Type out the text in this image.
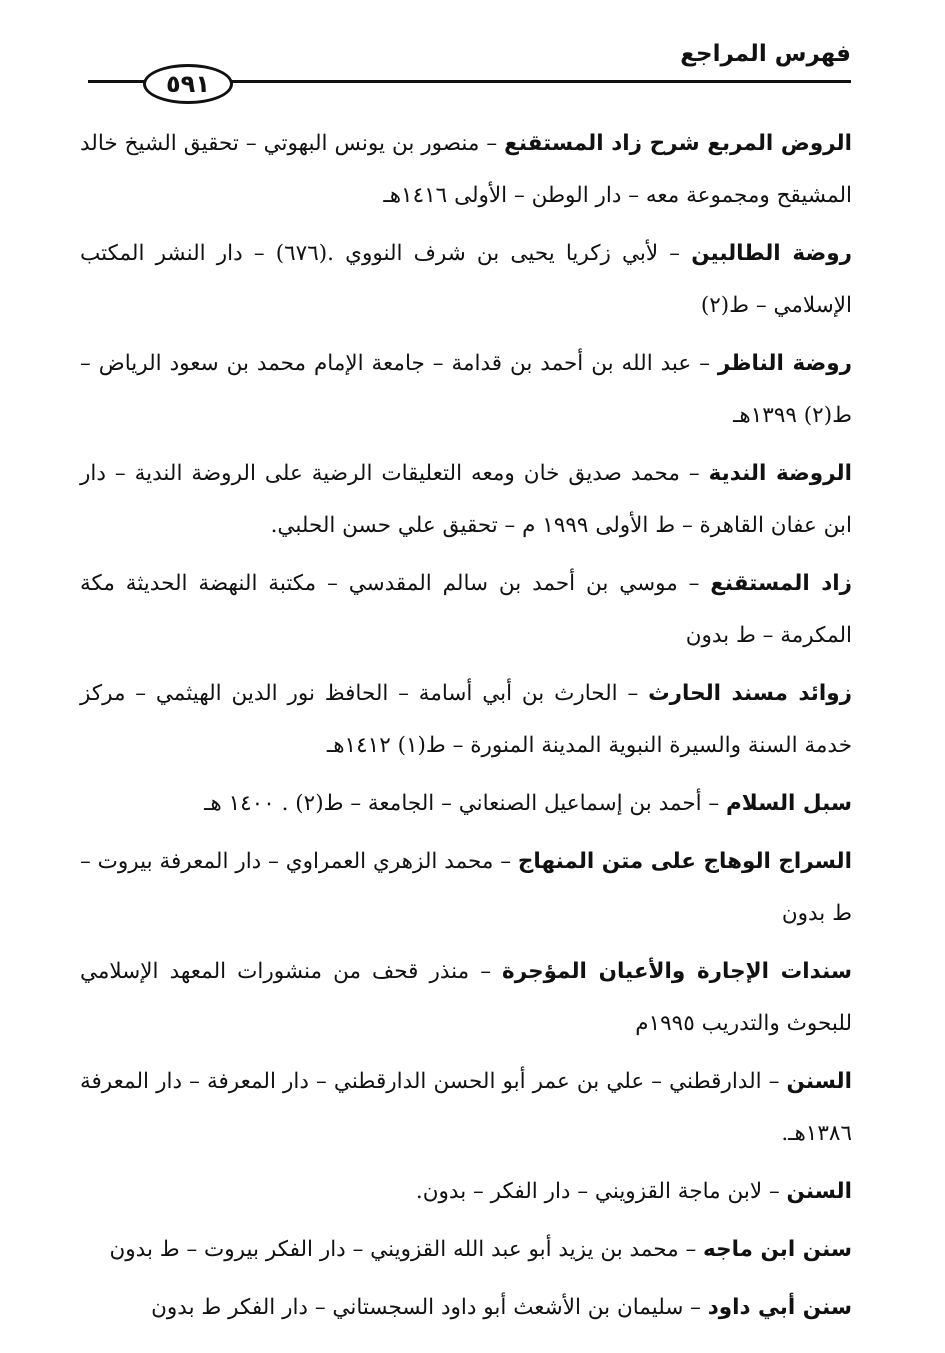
فهرس المراجع
٥٩١

الروض المربع شرح زاد المستقنع – منصور بن يونس البهوتي – تحقيق الشيخ خالد المشيقح ومجموعة معه – دار الوطن – الأولى ١٤١٦هـ

روضة الطالبين – لأبي زكريا يحيى بن شرف النووي .(٦٧٦) – دار النشر المكتب الإسلامي – ط(٢)

روضة الناظر – عبد الله بن أحمد بن قدامة – جامعة الإمام محمد بن سعود الرياض – ط(٢) ١٣٩٩هـ

الروضة الندية – محمد صديق خان ومعه التعليقات الرضية على الروضة الندية – دار ابن عفان القاهرة – ط الأولى ١٩٩٩ م – تحقيق علي حسن الحلبي.

زاد المستقنع – موسي بن أحمد بن سالم المقدسي – مكتبة النهضة الحديثة مكة المكرمة – ط بدون

زوائد مسند الحارث – الحارث بن أبي أسامة – الحافظ نور الدين الهيثمي – مركز خدمة السنة والسيرة النبوية المدينة المنورة – ط(١) ١٤١٢هـ

سبل السلام – أحمد بن إسماعيل الصنعاني – الجامعة – ط(٢) . ١٤٠٠ هـ

السراج الوهاج على متن المنهاج – محمد الزهري العمراوي – دار المعرفة بيروت – ط بدون

سندات الإجارة والأعيان المؤجرة – منذر قحف من منشورات المعهد الإسلامي للبحوث والتدريب ١٩٩٥م

السنن – الدارقطني – علي بن عمر أبو الحسن الدارقطني – دار المعرفة – دار المعرفة ١٣٨٦هـ.

السنن – لابن ماجة القزويني – دار الفكر – بدون.

سنن ابن ماجه – محمد بن يزيد أبو عبد الله القزويني – دار الفكر بيروت – ط بدون

سنن أبي داود – سليمان بن الأشعث أبو داود السجستاني – دار الفكر ط بدون
